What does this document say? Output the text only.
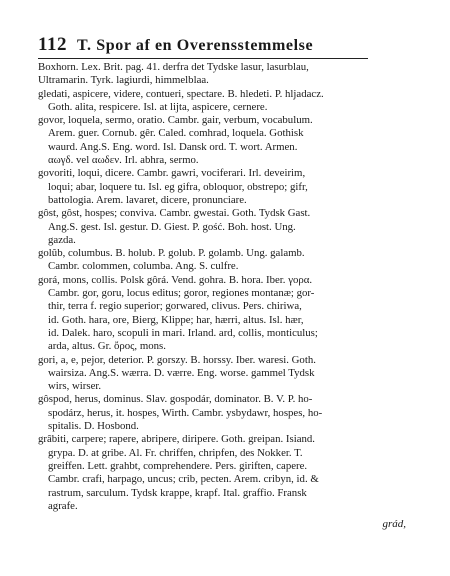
112 T. Spor af en Overensstemmelse
Boxhorn. Lex. Brit. pag. 41. derfra det Tydske lasur, lasurblau,
Ultramarin. Tyrk. lagiurdi, himmelblaa.
gledati, aspicere, videre, contueri, spectare. B. hledeti. P. hljadacz.
Goth. alita, respicere. Isl. at lijta, aspicere, cernere.
govor, loquela, sermo, oratio. Cambr. gair, verbum, vocabulum.
Arem. guer. Cornub. gêr. Caled. comhrad, loquela. Gothisk
waurd. Ang.S. Eng. word. Isl. Dansk ord. T. wort. Armen.
αωγδ. vel αωδεν. Irl. abhra, sermo.
govoriti, loqui, dicere. Cambr. gawri, vociferari. Irl. deveirim,
loqui; abar, loquere tu. Isl. eg gifra, obloquor, obstrepo; gifr,
battologia. Arem. lavaret, dicere, pronunciare.
gôst, gôst, hospes; conviva. Cambr. gwestai. Goth. Tydsk Gast.
Ang.S. gest. Isl. gestur. D. Giest. P. gość. Boh. host. Ung.
gazda.
golûb, columbus. B. holub. P. golub. P. golamb. Ung. galamb.
Cambr. colommen, columba. Ang. S. culfre.
gorá, mons, collis. Polsk gôrá. Vend. gohra. B. hora. Iber. γορα.
Cambr. gor, goru, locus editus; goror, regiones montanæ; gor-
thir, terra f. regio superior; gorwared, clivus. Pers. chiriwa,
id. Goth. hara, ore, Bierg, Klippe; har, hærri, altus. Isl. hær,
id. Dalek. haro, scopuli in mari. Irland. ard, collis, monticulus;
arda, altus. Gr. ὄρος, mons.
gori, a, e, pejor, deterior. P. gorszy. B. horssy. Iber. waresi. Goth.
wairsiza. Ang.S. wærra. D. værre. Eng. worse. gammel Tydsk
wirs, wirser.
gôspod, herus, dominus. Slav. gospodár, dominator. B. V. P. ho-
spodárz, herus, it. hospes, Wirth. Cambr. ysbydawr, hospes, ho-
spitalis. D. Hosbond.
grâbiti, carpere; rapere, abripere, diripere. Goth. greipan. Isiand.
grypa. D. at gribe. Al. Fr. chriffen, chripfen, des Nokker. T.
greiffen. Lett. grahbt, comprehendere. Pers. giriften, capere.
Cambr. crafi, harpago, uncus; crib, pecten. Arem. cribyn, id. &
rastrum, sarculum. Tydsk krappe, krapf. Ital. graffio. Fransk
agrafe.
grád,
